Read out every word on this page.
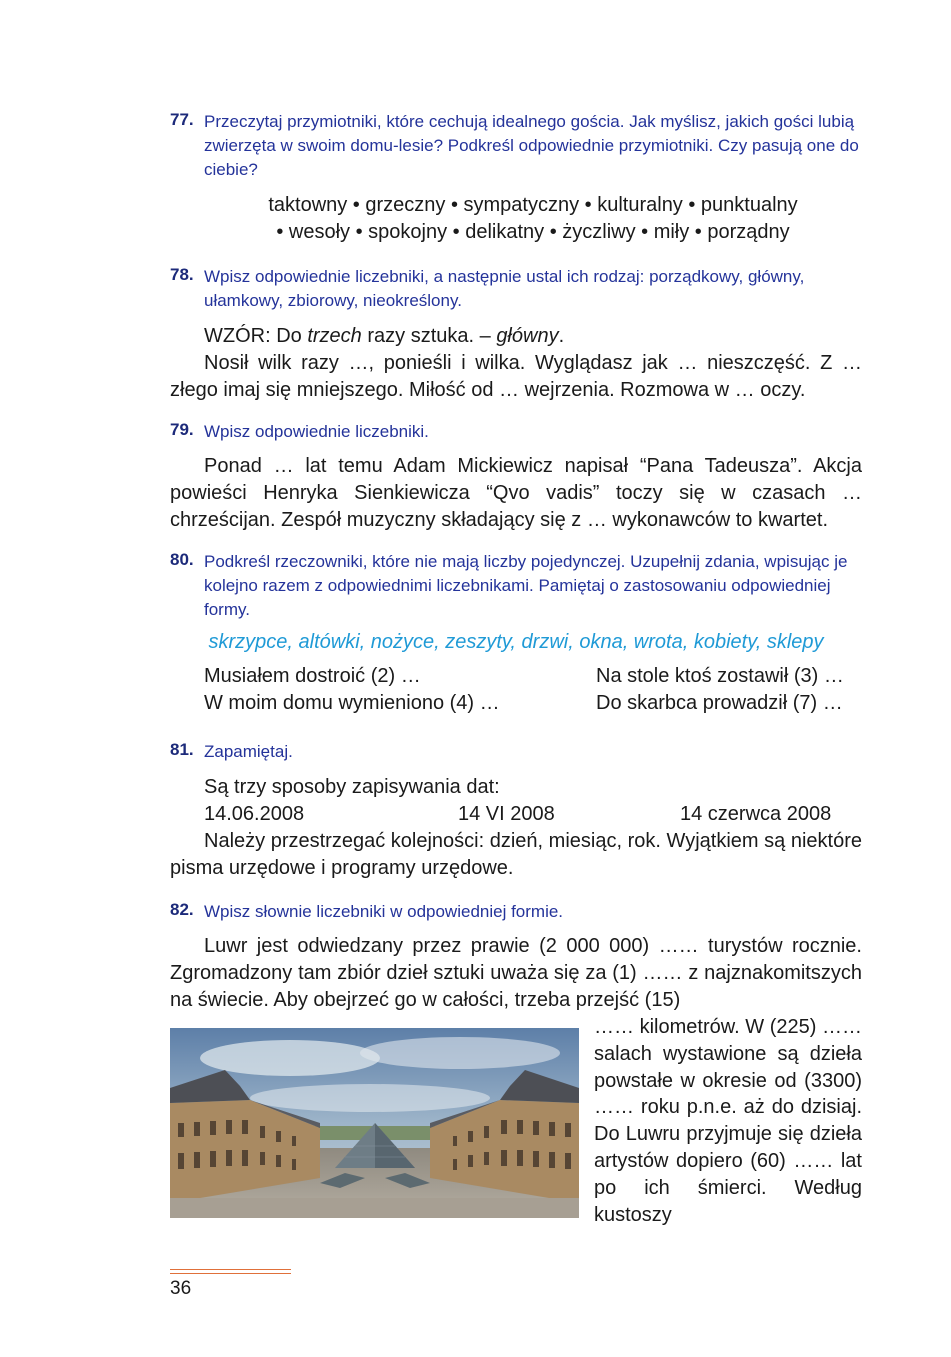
77. Przeczytaj przymiotniki, które cechują idealnego gościa. Jak myślisz, jakich gości lubią zwierzęta w swoim domu-lesie? Podkreśl odpowiednie przymiotniki. Czy pasują one do ciebie?
taktowny • grzeczny • sympatyczny • kulturalny • punktualny
• wesoły • spokojny • delikatny • życzliwy • miły • porządny
78. Wpisz odpowiednie liczebniki, a następnie ustal ich rodzaj: porządkowy, główny, ułamkowy, zbiorowy, nieokreślony.
WZÓR: Do trzech razy sztuka. – główny.
Nosił wilk razy …, ponieśli i wilka. Wyglądasz jak … nieszczęść. Z … złego imaj się mniejszego. Miłość od … wejrzenia. Rozmowa w … oczy.
79. Wpisz odpowiednie liczebniki.
Ponad … lat temu Adam Mickiewicz napisał “Pana Tadeusza”. Akcja powieści Henryka Sienkiewicza “Qvo vadis” toczy się w czasach … chrześcijan. Zespół muzyczny składający się z … wykonawców to kwartet.
80. Podkreśl rzeczowniki, które nie mają liczby pojedynczej. Uzupełnij zdania, wpisując je kolejno razem z odpowiednimi liczebnikami. Pamiętaj o zastosowaniu odpowiedniej formy.
skrzypce, altówki, nożyce, zeszyty, drzwi, okna, wrota, kobiety, sklepy
Musiałem dostroić (2) …	Na stole ktoś zostawił (3) …
W moim domu wymieniono (4) …	Do skarbca prowadził (7) …
81. Zapamiętaj.
Są trzy sposoby zapisywania dat:
14.06.2008	14 VI 2008	14 czerwca 2008
Należy przestrzegać kolejności: dzień, miesiąc, rok. Wyjątkiem są niektóre pisma urzędowe i programy urzędowe.
82. Wpisz słownie liczebniki w odpowiedniej formie.
Luwr jest odwiedzany przez prawie (2 000 000) …… turystów rocznie. Zgromadzony tam zbiór dzieł sztuki uważa się za (1) …… z najznakomitszych na świecie. Aby obejrzeć go w całości, trzeba przejść (15)
…… kilometrów. W (225) …… salach wystawione są dzieła powstałe w okresie od (3300) …… roku p.n.e. aż do dzisiaj. Do Luwru przyjmuje się dzieła artystów dopiero (60) …… lat po ich śmierci. Według kustoszy
36
